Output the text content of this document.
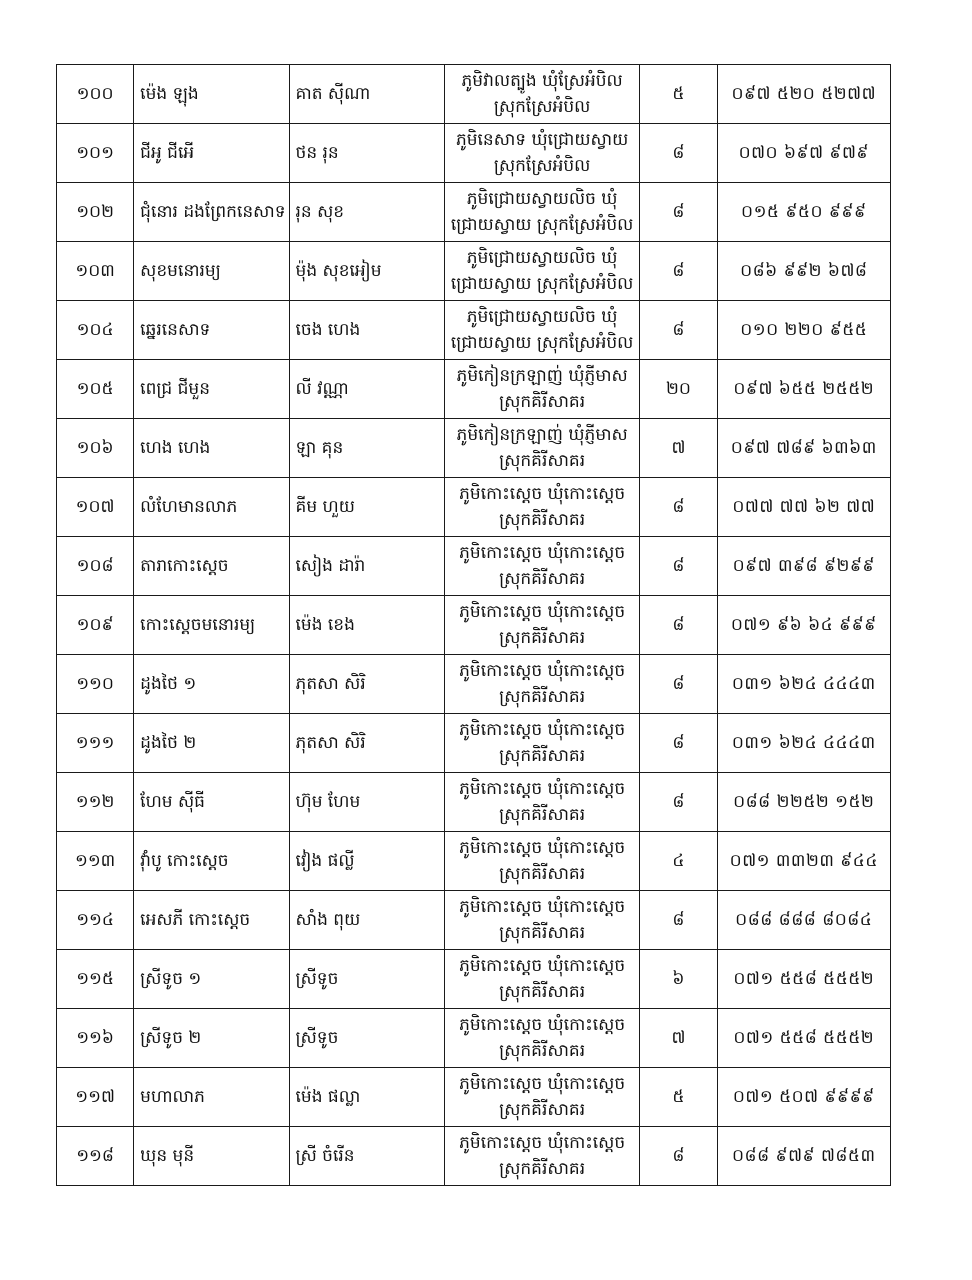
១០០	ម៉េង ឡុង	គាត ស៊ីណា	ភូមិវាលត្បូង ឃុំស្រែអំបិល
ស្រុកស្រែអំបិល	៥	០៩៧ ៥២០ ៥២៧៧
១០១	ជីអូ ជីអើ	ថន រុន	ភូមិនេសាទ ឃុំជ្រោយស្វាយ
ស្រុកស្រែអំបិល	៨	០៧០ ៦៩៧ ៩៧៩
១០២	ជុំនោរ ដងព្រែកនេសាទ	រុន សុខ	ភូមិជ្រោយស្វាយលិច ឃុំ
ជ្រោយស្វាយ ស្រុកស្រែអំបិល	៨	០១៥ ៩៥០ ៩៩៩
១០៣	សុខមនោរម្យ	ម៉ុង សុខអៀម	ភូមិជ្រោយស្វាយលិច ឃុំ
ជ្រោយស្វាយ ស្រុកស្រែអំបិល	៨	០៨៦ ៩៩២ ៦៧៨
១០៤	ឆ្នេរនេសាទ	ចេង ហេង	ភូមិជ្រោយស្វាយលិច ឃុំ
ជ្រោយស្វាយ ស្រុកស្រែអំបិល	៨	០១០ ២២០ ៩៥៥
១០៥	ពេជ្រ ជីមួន	លី វណ្ណា	ភូមិកៀនក្រឡាញ់ ឃុំភ្ញីមាស
ស្រុកគិរីសាគរ	២០	០៩៧ ៦៥៥ ២៥៥២
១០៦	ហេង ហេង	ឡា គុន	ភូមិកៀនក្រឡាញ់ ឃុំភ្ញីមាស
ស្រុកគិរីសាគរ	៧	០៩៧ ៧៨៩ ៦៣៦៣
១០៧	លំហែមានលាភ	គីម ហួយ	ភូមិកោះស្តេច ឃុំកោះស្តេច
ស្រុកគិរីសាគរ	៨	០៧៧ ៧៧ ៦២ ៧៧
១០៨	តារាកោះស្តេច	សៀង ដារ៉ា	ភូមិកោះស្តេច ឃុំកោះស្តេច
ស្រុកគិរីសាគរ	៨	០៩៧ ៣៩៨ ៩២៩៩
១០៩	កោះស្តេចមនោរម្យ	ម៉េង ខេង	ភូមិកោះស្តេច ឃុំកោះស្តេច
ស្រុកគិរីសាគរ	៨	០៧១ ៩៦ ៦៤ ៩៩៩
១១០	ដូងថៃ ១	ភុតសា សិរិ	ភូមិកោះស្តេច ឃុំកោះស្តេច
ស្រុកគិរីសាគរ	៨	០៣១ ៦២៤ ៤៤៤៣
១១១	ដូងថៃ ២	ភុតសា សិរិ	ភូមិកោះស្តេច ឃុំកោះស្តេច
ស្រុកគិរីសាគរ	៨	០៣១ ៦២៤ ៤៤៤៣
១១២	ហែម ស៊ីធី	ហ៊ុម ហែម	ភូមិកោះស្តេច ឃុំកោះស្តេច
ស្រុកគិរីសាគរ	៨	០៨៨ ២២៥២ ១៥២
១១៣	វ៉ាំបូ កោះស្តេច	វៀង ផល្លី	ភូមិកោះស្តេច ឃុំកោះស្តេច
ស្រុកគិរីសាគរ	៤	០៧១ ៣៣២៣ ៩៤៤
១១៤	អេសភី កោះស្តេច	សាំង ពុយ	ភូមិកោះស្តេច ឃុំកោះស្តេច
ស្រុកគិរីសាគរ	៨	០៨៨ ៨៨៨ ៨០៨៤
១១៥	ស្រីទូច ១	ស្រីទូច	ភូមិកោះស្តេច ឃុំកោះស្តេច
ស្រុកគិរីសាគរ	៦	០៧១ ៥៥៨ ៥៥៥២
១១៦	ស្រីទូច ២	ស្រីទូច	ភូមិកោះស្តេច ឃុំកោះស្តេច
ស្រុកគិរីសាគរ	៧	០៧១ ៥៥៨ ៥៥៥២
១១៧	មហាលាភ	ម៉េង ផល្លា	ភូមិកោះស្តេច ឃុំកោះស្តេច
ស្រុកគិរីសាគរ	៥	០៧១ ៥០៧ ៩៩៩៩
១១៨	ឃុន មុនី	ស្រី ចំរើន	ភូមិកោះស្តេច ឃុំកោះស្តេច
ស្រុកគិរីសាគរ	៨	០៨៨ ៩៧៩ ៧៨៥៣
